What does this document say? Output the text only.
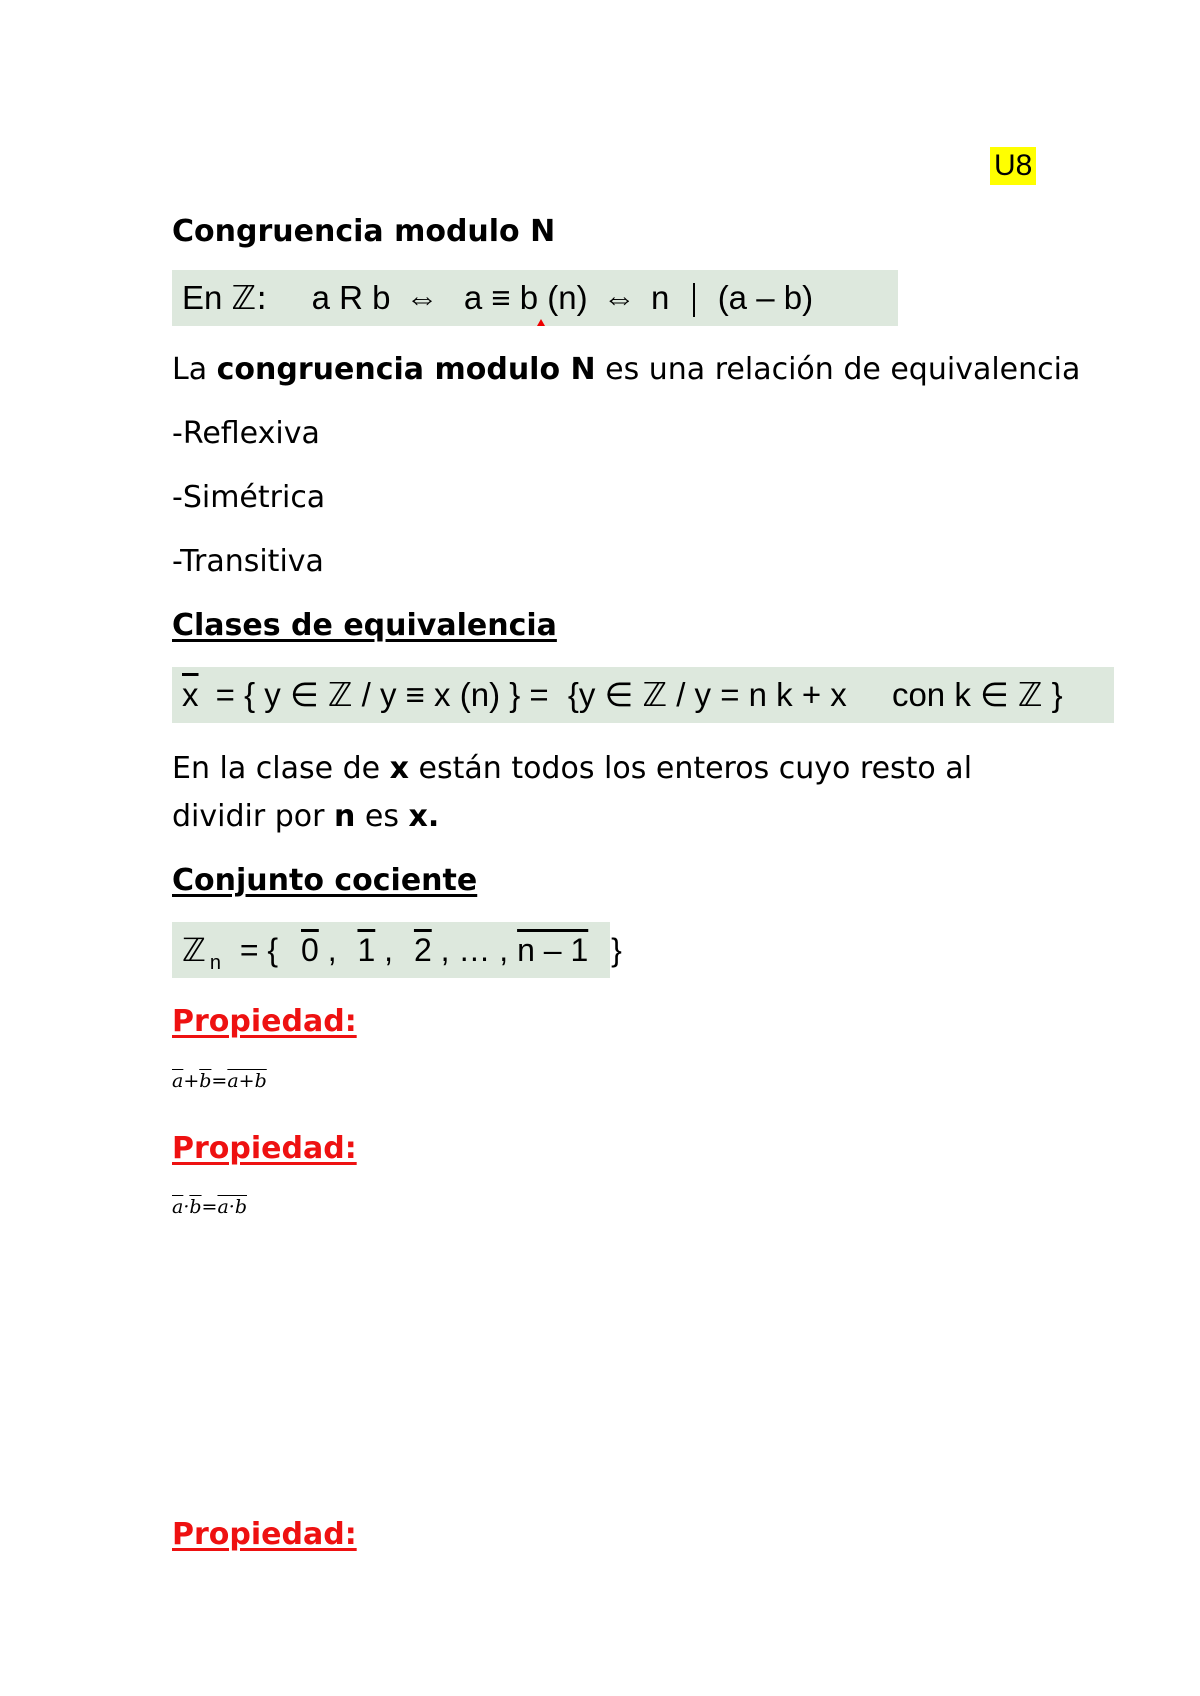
U8
Congruencia modulo N
En ℤ: a R b ⇔ a ≡ b (n) ⇔ n (a – b)
La congruencia modulo N es una relación de equivalencia
-Reflexiva
-Simétrica
-Transitiva
Clases de equivalencia
$\overline{x}$ = { y ∈ ℤ / y ≡ x (n) } = {y ∈ ℤ / y = n k + x con k ∈ ℤ }
En la clase de x están todos los enteros cuyo resto al
dividir por n es x.
Conjunto cociente
ℤ n = { 0 , 1 , 2 , … , n – 1 }
Propiedad:
$\overline{a}+\overline{b}=a+b$
Propiedad:
$\overline{a}\cdot\overline{b}=a\cdot b$
Propiedad:
